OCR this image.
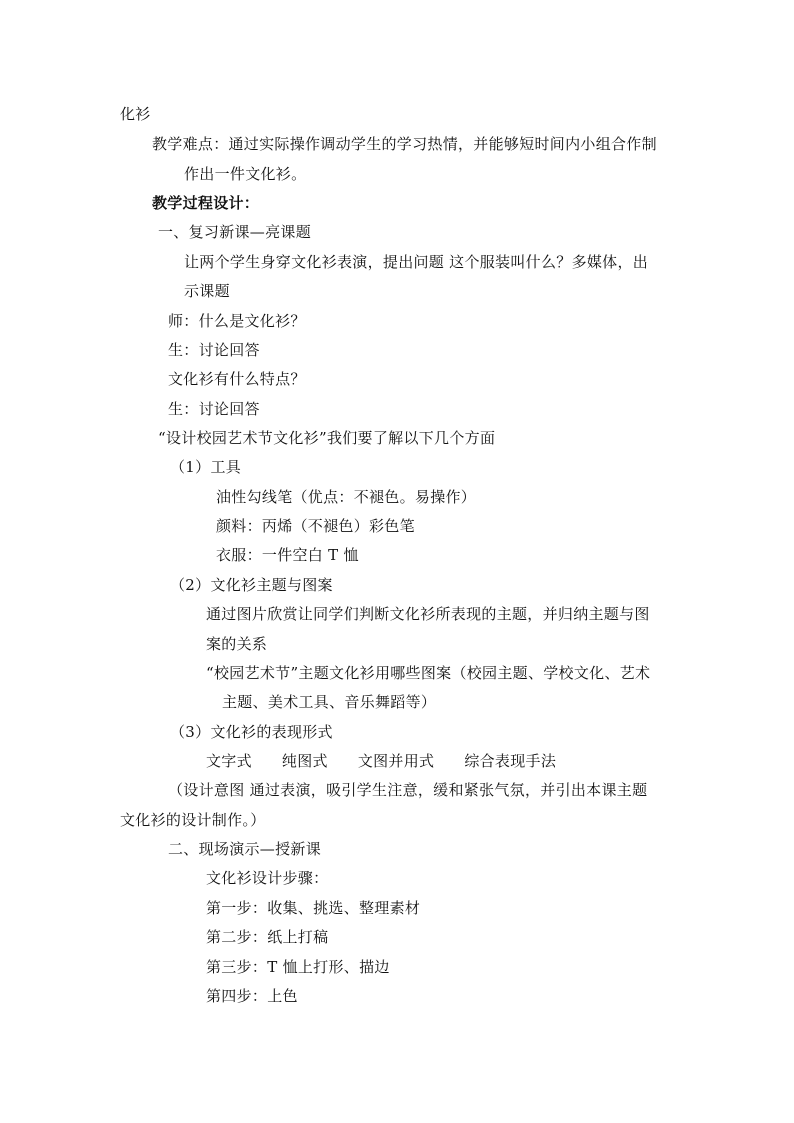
化衫
教学难点：通过实际操作调动学生的学习热情，并能够短时间内小组合作制
作出一件文化衫。
教学过程设计：
一、复习新课—亮课题
让两个学生身穿文化衫表演，提出问题 这个服装叫什么？多媒体，出
示课题
师：什么是文化衫？
生：讨论回答
文化衫有什么特点？
生：讨论回答
“设计校园艺术节文化衫”我们要了解以下几个方面
（1）工具
油性勾线笔（优点：不褪色。易操作）
颜料：丙烯（不褪色）彩色笔
衣服：一件空白 T 恤
（2）文化衫主题与图案
通过图片欣赏让同学们判断文化衫所表现的主题，并归纳主题与图
案的关系
“校园艺术节”主题文化衫用哪些图案（校园主题、学校文化、艺术
主题、美术工具、音乐舞蹈等）
（3）文化衫的表现形式
文字式 纯图式 文图并用式 综合表现手法
（设计意图 通过表演，吸引学生注意，缓和紧张气氛，并引出本课主题
文化衫的设计制作。）
二、现场演示—授新课
文化衫设计步骤：
第一步：收集、挑选、整理素材
第二步：纸上打稿
第三步：T 恤上打形、描边
第四步：上色
